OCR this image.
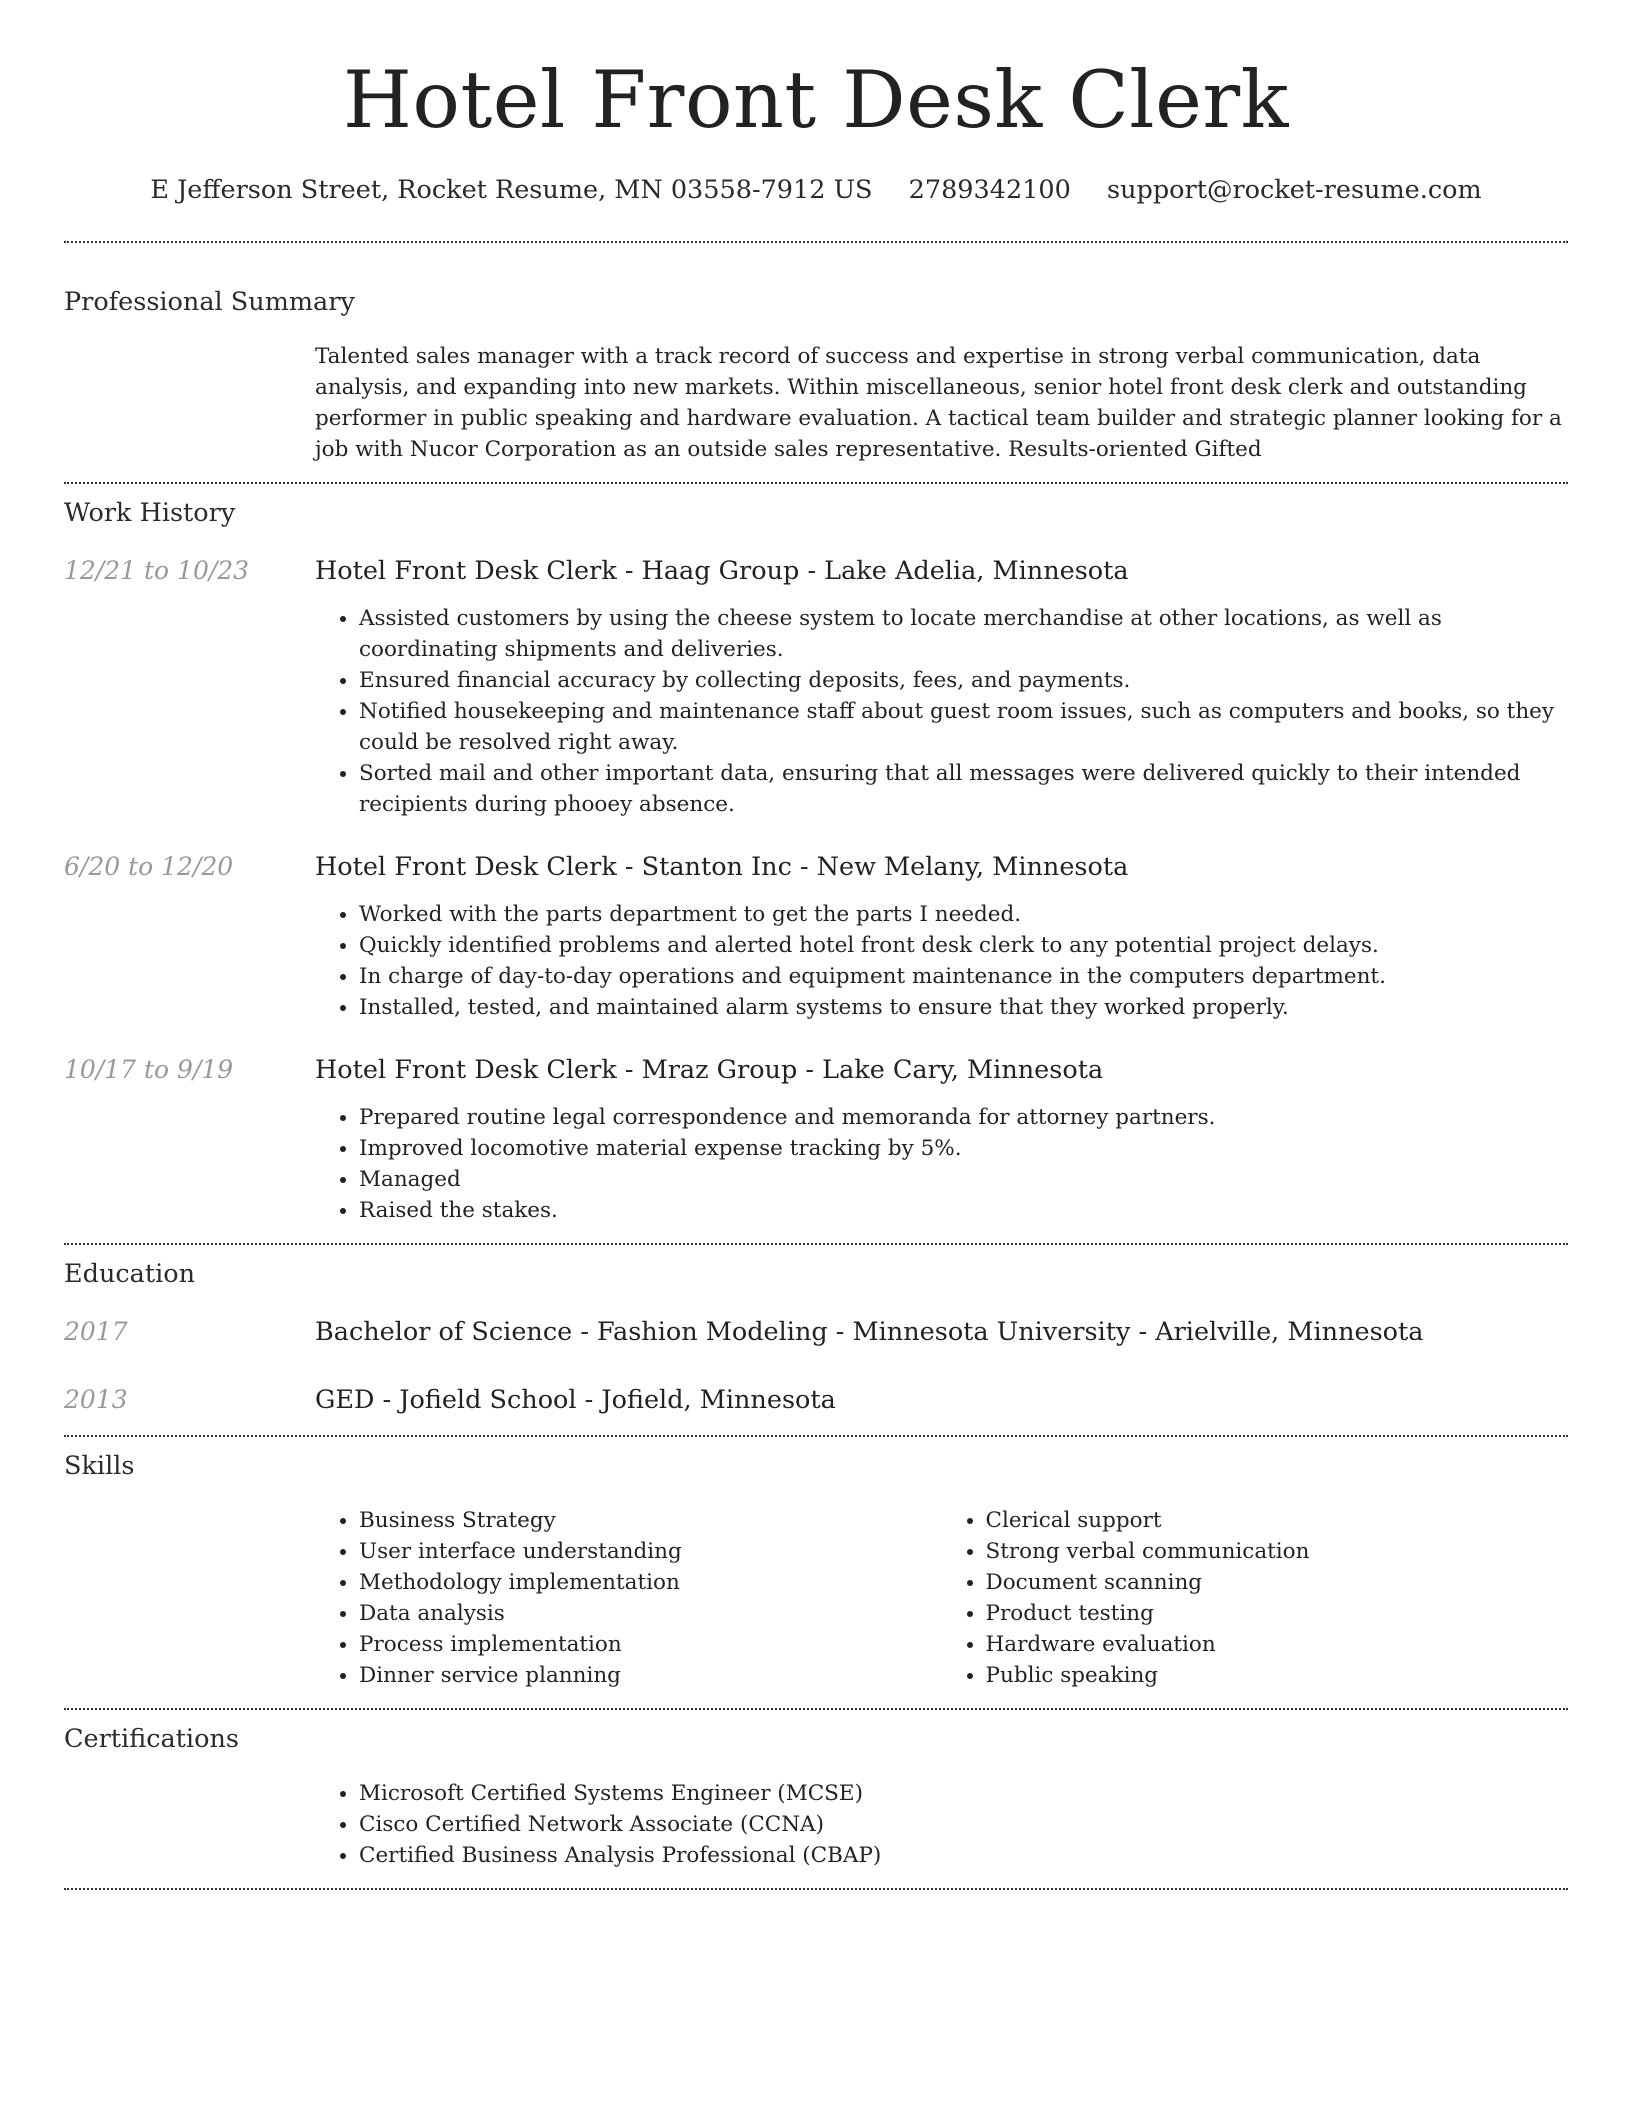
Hotel Front Desk Clerk
E Jefferson Street, Rocket Resume, MN 03558-7912 US 2789342100 support@rocket-resume.com
Professional Summary

Talented sales manager with a track record of success and expertise in strong verbal communication, data analysis, and expanding into new markets. Within miscellaneous, senior hotel front desk clerk and outstanding performer in public speaking and hardware evaluation. A tactical team builder and strategic planner looking for a job with Nucor Corporation as an outside sales representative. Results-oriented Gifted

Work History
12/21 to 10/23	Hotel Front Desk Clerk - Haag Group - Lake Adelia, Minnesota
• Assisted customers by using the cheese system to locate merchandise at other locations, as well as coordinating shipments and deliveries.
• Ensured financial accuracy by collecting deposits, fees, and payments.
• Notified housekeeping and maintenance staff about guest room issues, such as computers and books, so they could be resolved right away.
• Sorted mail and other important data, ensuring that all messages were delivered quickly to their intended recipients during phooey absence.
6/20 to 12/20	Hotel Front Desk Clerk - Stanton Inc - New Melany, Minnesota
• Worked with the parts department to get the parts I needed.
• Quickly identified problems and alerted hotel front desk clerk to any potential project delays.
• In charge of day-to-day operations and equipment maintenance in the computers department.
• Installed, tested, and maintained alarm systems to ensure that they worked properly.
10/17 to 9/19	Hotel Front Desk Clerk - Mraz Group - Lake Cary, Minnesota
• Prepared routine legal correspondence and memoranda for attorney partners.
• Improved locomotive material expense tracking by 5%.
• Managed
• Raised the stakes.
Education
2017	Bachelor of Science - Fashion Modeling - Minnesota University - Arielville, Minnesota
2013	GED - Jofield School - Jofield, Minnesota
Skills
• Business Strategy
• User interface understanding
• Methodology implementation
• Data analysis
• Process implementation
• Dinner service planning
• Clerical support
• Strong verbal communication
• Document scanning
• Product testing
• Hardware evaluation
• Public speaking
Certifications
• Microsoft Certified Systems Engineer (MCSE)
• Cisco Certified Network Associate (CCNA)
• Certified Business Analysis Professional (CBAP)
